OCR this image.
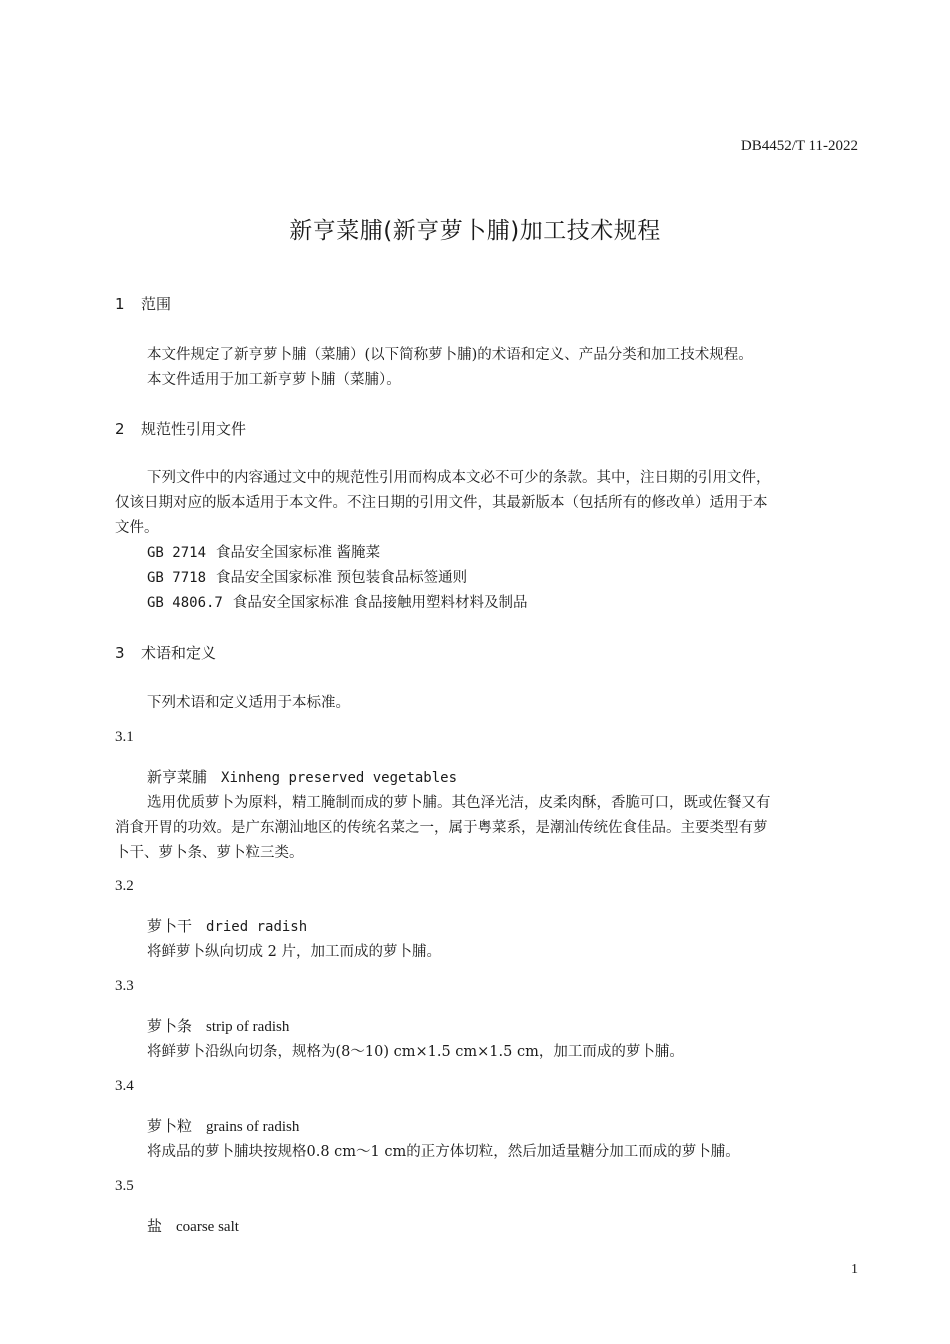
DB4452/T 11-2022
新亨菜脯(新亨萝卜脯)加工技术规程
1 范围
本文件规定了新亨萝卜脯（菜脯）(以下简称萝卜脯)的术语和定义、产品分类和加工技术规程。
本文件适用于加工新亨萝卜脯（菜脯）。
2 规范性引用文件
下列文件中的内容通过文中的规范性引用而构成本文必不可少的条款。其中，注日期的引用文件，
仅该日期对应的版本适用于本文件。不注日期的引用文件，其最新版本（包括所有的修改单）适用于本
文件。
GB 2714 食品安全国家标准 酱腌菜
GB 7718 食品安全国家标准 预包装食品标签通则
GB 4806.7 食品安全国家标准 食品接触用塑料材料及制品
3 术语和定义
下列术语和定义适用于本标准。
3.1
新亨菜脯 Xinheng preserved vegetables
选用优质萝卜为原料，精工腌制而成的萝卜脯。其色泽光洁，皮柔肉酥，香脆可口，既或佐餐又有
消食开胃的功效。是广东潮汕地区的传统名菜之一，属于粤菜系，是潮汕传统佐食佳品。主要类型有萝
卜干、萝卜条、萝卜粒三类。
3.2
萝卜干 dried radish
将鲜萝卜纵向切成 2 片，加工而成的萝卜脯。
3.3
萝卜条 strip of radish
将鲜萝卜沿纵向切条，规格为(8～10) cm×1.5 cm×1.5 cm，加工而成的萝卜脯。
3.4
萝卜粒 grains of radish
将成品的萝卜脯块按规格0.8 cm～1 cm的正方体切粒，然后加适量糖分加工而成的萝卜脯。
3.5
盐 coarse salt
1
